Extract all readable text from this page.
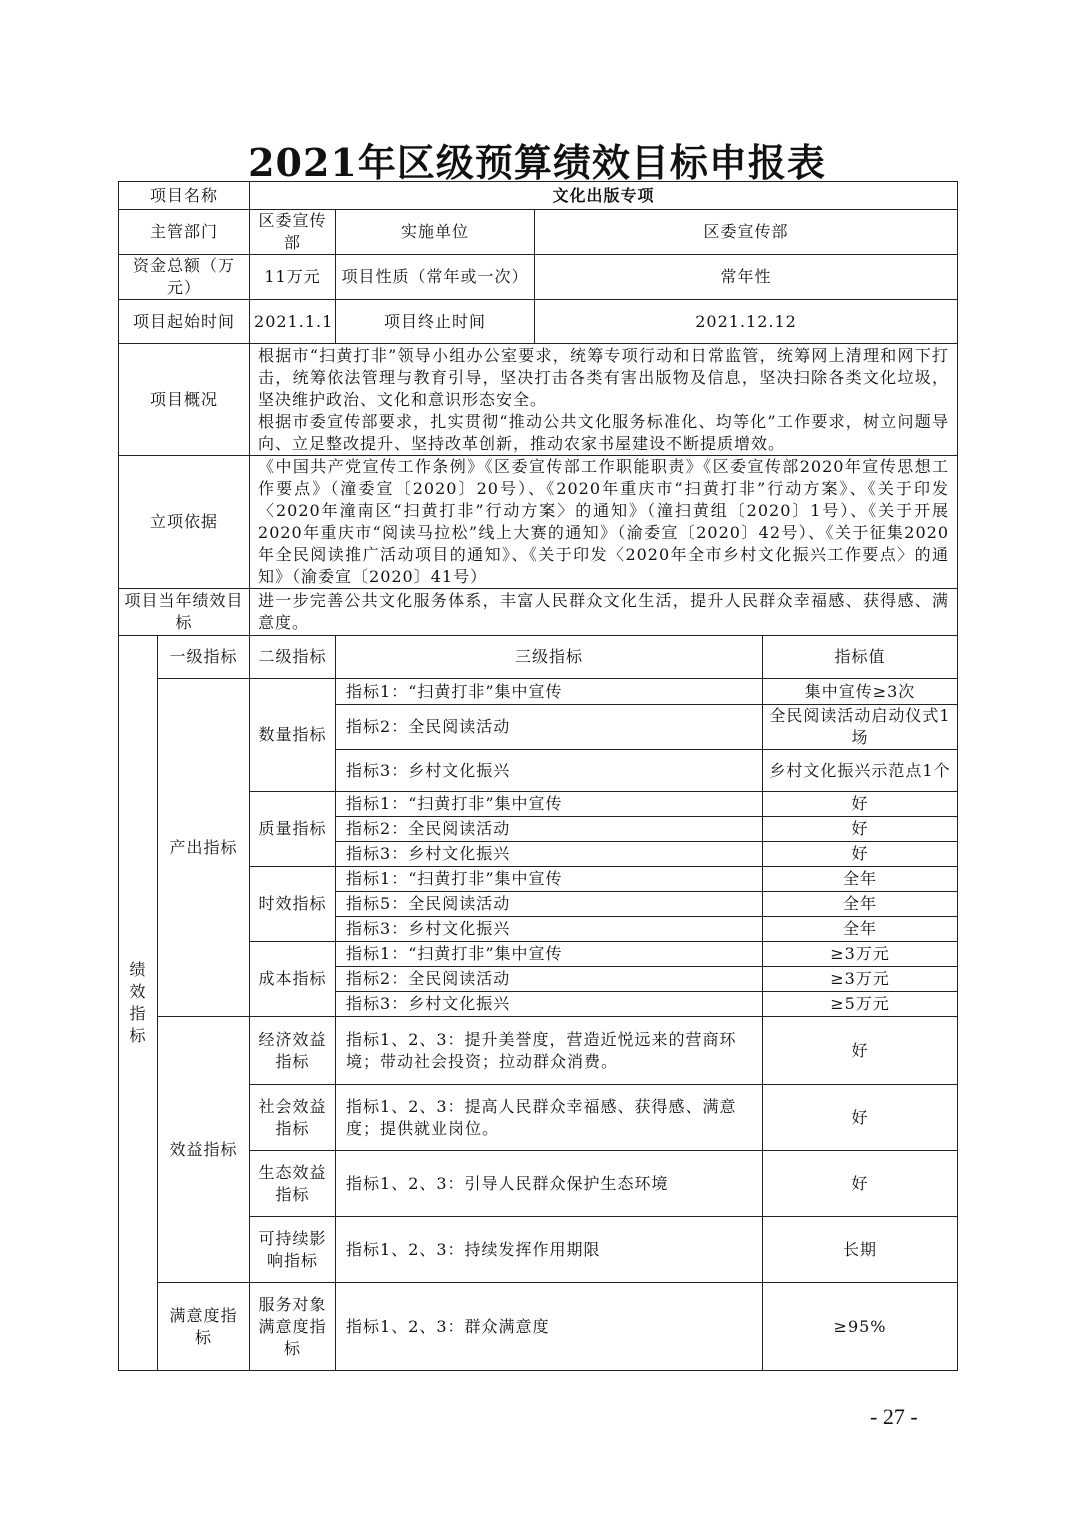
2021年区级预算绩效目标申报表
项目名称		文化出版专项			
主管部门		区委宣传部	实施单位	区委宣传部	
资金总额（万元）		11万元	项目性质（常年或一次）	常年性	
项目起始时间		2021.1.1	项目终止时间	2021.12.12	
项目概况		根据市“扫黄打非”领导小组办公室要求，统筹专项行动和日常监管，统筹网上清理和网下打击，统筹依法管理与教育引导，坚决打击各类有害出版物及信息，坚决扫除各类文化垃圾，坚决维护政治、文化和意识形态安全。
根据市委宣传部要求，扎实贯彻“推动公共文化服务标准化、均等化”工作要求，树立问题导向、立足整改提升、坚持改革创新，推动农家书屋建设不断提质增效。			

立项依据		《中国共产党宣传工作条例》《区委宣传部工作职能职责》《区委宣传部2020年宣传思想工作要点》（潼委宣〔2020〕20号）、《2020年重庆市“扫黄打非”行动方案》、《关于印发〈2020年潼南区“扫黄打非”行动方案〉的通知》（潼扫黄组〔2020〕1号）、《关于开展2020年重庆市“阅读马拉松”线上大赛的通知》（渝委宣〔2020〕42号）、《关于征集2020年全民阅读推广活动项目的通知》、《关于印发〈2020年全市乡村文化振兴工作要点〉的通知》（渝委宣〔2020〕41号）			
项目当年绩效目标		进一步完善公共文化服务体系，丰富人民群众文化生活，提升人民群众幸福感、获得感、满意度。			
绩效指标	一级指标	二级指标	三级指标		指标值
	产出指标	数量指标	指标1：“扫黄打非”集中宣传		集中宣传≥3次
			指标2：全民阅读活动		全民阅读活动启动仪式1场
			指标3：乡村文化振兴		乡村文化振兴示范点1个
		质量指标	指标1：“扫黄打非”集中宣传		好
			指标2：全民阅读活动		好
			指标3：乡村文化振兴		好
		时效指标	指标1：“扫黄打非”集中宣传		全年
			指标5：全民阅读活动		全年
			指标3：乡村文化振兴		全年
		成本指标	指标1：“扫黄打非”集中宣传		≥3万元
			指标2：全民阅读活动		≥3万元
			指标3：乡村文化振兴		≥5万元
	效益指标	经济效益指标	指标1、2、3：提升美誉度，营造近悦远来的营商环境；带动社会投资；拉动群众消费。		好
		社会效益指标	指标1、2、3：提高人民群众幸福感、获得感、满意度；提供就业岗位。		好
		生态效益指标	指标1、2、3：引导人民群众保护生态环境		好
		可持续影响指标	指标1、2、3：持续发挥作用期限		长期
	满意度指标	服务对象满意度指标	指标1、2、3：群众满意度		≥95%
- 27 -
